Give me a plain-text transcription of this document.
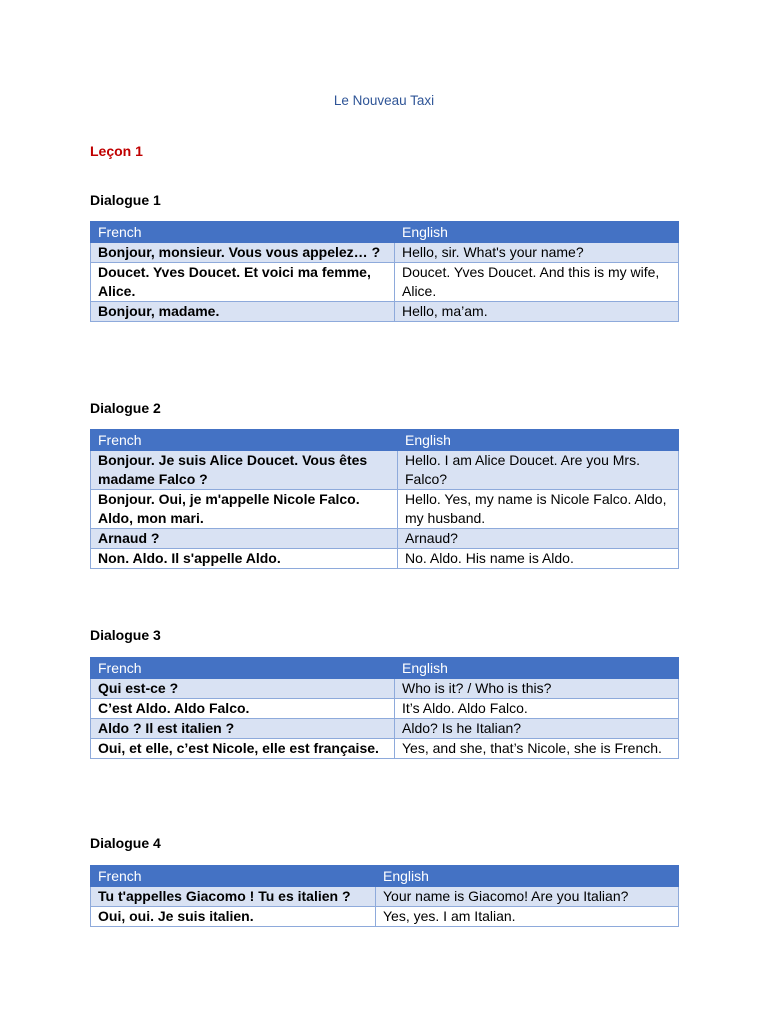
Le Nouveau Taxi
Leçon 1
Dialogue 1
French	English
Bonjour, monsieur. Vous vous appelez… ?	Hello, sir. What's your name?
Doucet. Yves Doucet. Et voici ma femme, Alice.	Doucet. Yves Doucet. And this is my wife, Alice.
Bonjour, madame.	Hello, ma’am.
Dialogue 2
French	English
Bonjour. Je suis Alice Doucet. Vous êtes madame Falco ?	Hello. I am Alice Doucet. Are you Mrs. Falco?
Bonjour. Oui, je m'appelle Nicole Falco. Aldo, mon mari.	Hello. Yes, my name is Nicole Falco. Aldo, my husband.
Arnaud ?	Arnaud?
Non. Aldo. Il s'appelle Aldo.	No. Aldo. His name is Aldo.
Dialogue 3
French	English
Qui est-ce ?	Who is it? / Who is this?
C’est Aldo. Aldo Falco.	It’s Aldo. Aldo Falco.
Aldo ? Il est italien ?	Aldo? Is he Italian?
Oui, et elle, c’est Nicole, elle est française.	Yes, and she, that’s Nicole, she is French.
Dialogue 4
French	English
Tu t'appelles Giacomo ! Tu es italien ?	Your name is Giacomo! Are you Italian?
Oui, oui. Je suis italien.	Yes, yes. I am Italian.
